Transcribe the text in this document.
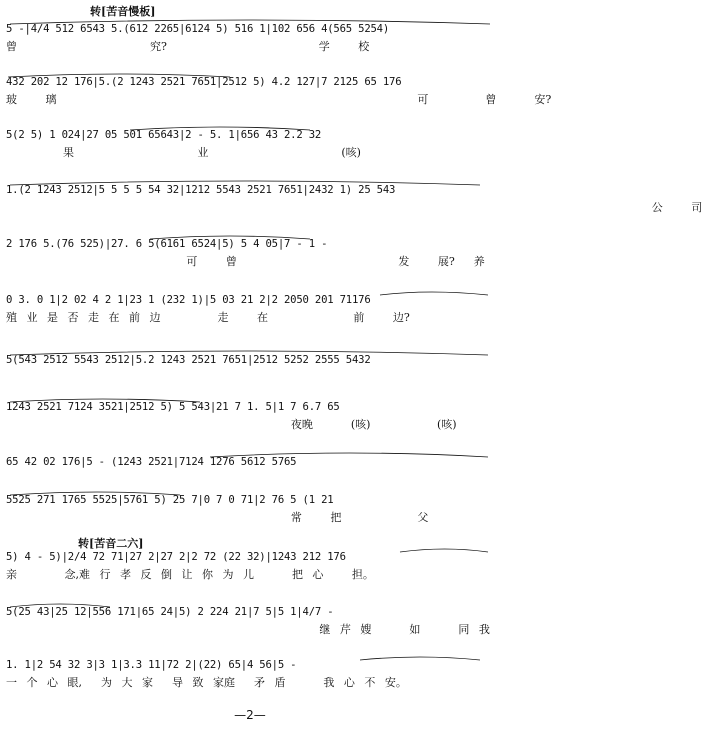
转[苦音慢板]
5 -|4/4 512 6543 5.(612 2265|6124 5) 516 1|102 656 4(565 5254)
曾              究?                学   校
432 202 12 176|5.(2 1243 2521 7651|2512 5) 4.2 127|7 2125 65 176
玻   璃                                      可      曾    安?
5(2 5) 1 024|27 05 501 65643|2 - 5. 1|656 43 2.2 32
果             业              (咳)
1.(2 1243 2512|5 5 5 5 54 32|1212 5543 2521 7651|2432 1) 25 543
公   司
2 176 5.(76 525)|27. 6 5(6161 6524|5) 5 4 05|7 - 1 -
可   曾                 发   展?  养
0 3. 0 1|2 02 4 2 1|23 1 (232 1)|5 03 21 2|2 2050 201 71176
殖 业 是 否 走 在 前 边      走   在         前   边?
5(543 2512 5543 2512|5.2 1243 2521 7651|2512 5252 2555 5432
1243 2521 7124 3521|2512 5) 5 543|21 7 1. 5|1 7 6.7 65
夜晚    (咳)       (咳)
65 42 02 176|5 - (1243 2521|7124 1276 5612 5765
5525 271 1765 5525|5761 5) 25 7|0 7 0 71|2 76 5 (1 21
常   把        父
转[苦音二六]
5) 4 - 5)|2/4 72 71|27 2|27 2|2 72 (22 32)|1243 212 176
亲     念,难 行 孝 反 倒 让 你 为 儿    把 心   担。
5(25 43|25 12|556 171|65 24|5) 2 224 21|7 5|5 1|4/7 -
继 芹 嫂    如    同 我
1. 1|2 54 32 3|3 1|3.3 11|72 2|(22) 65|4 56|5 -
一 个 心 眼,  为 大 家  导 致 家庭  矛 盾    我 心 不 安。
—2—
